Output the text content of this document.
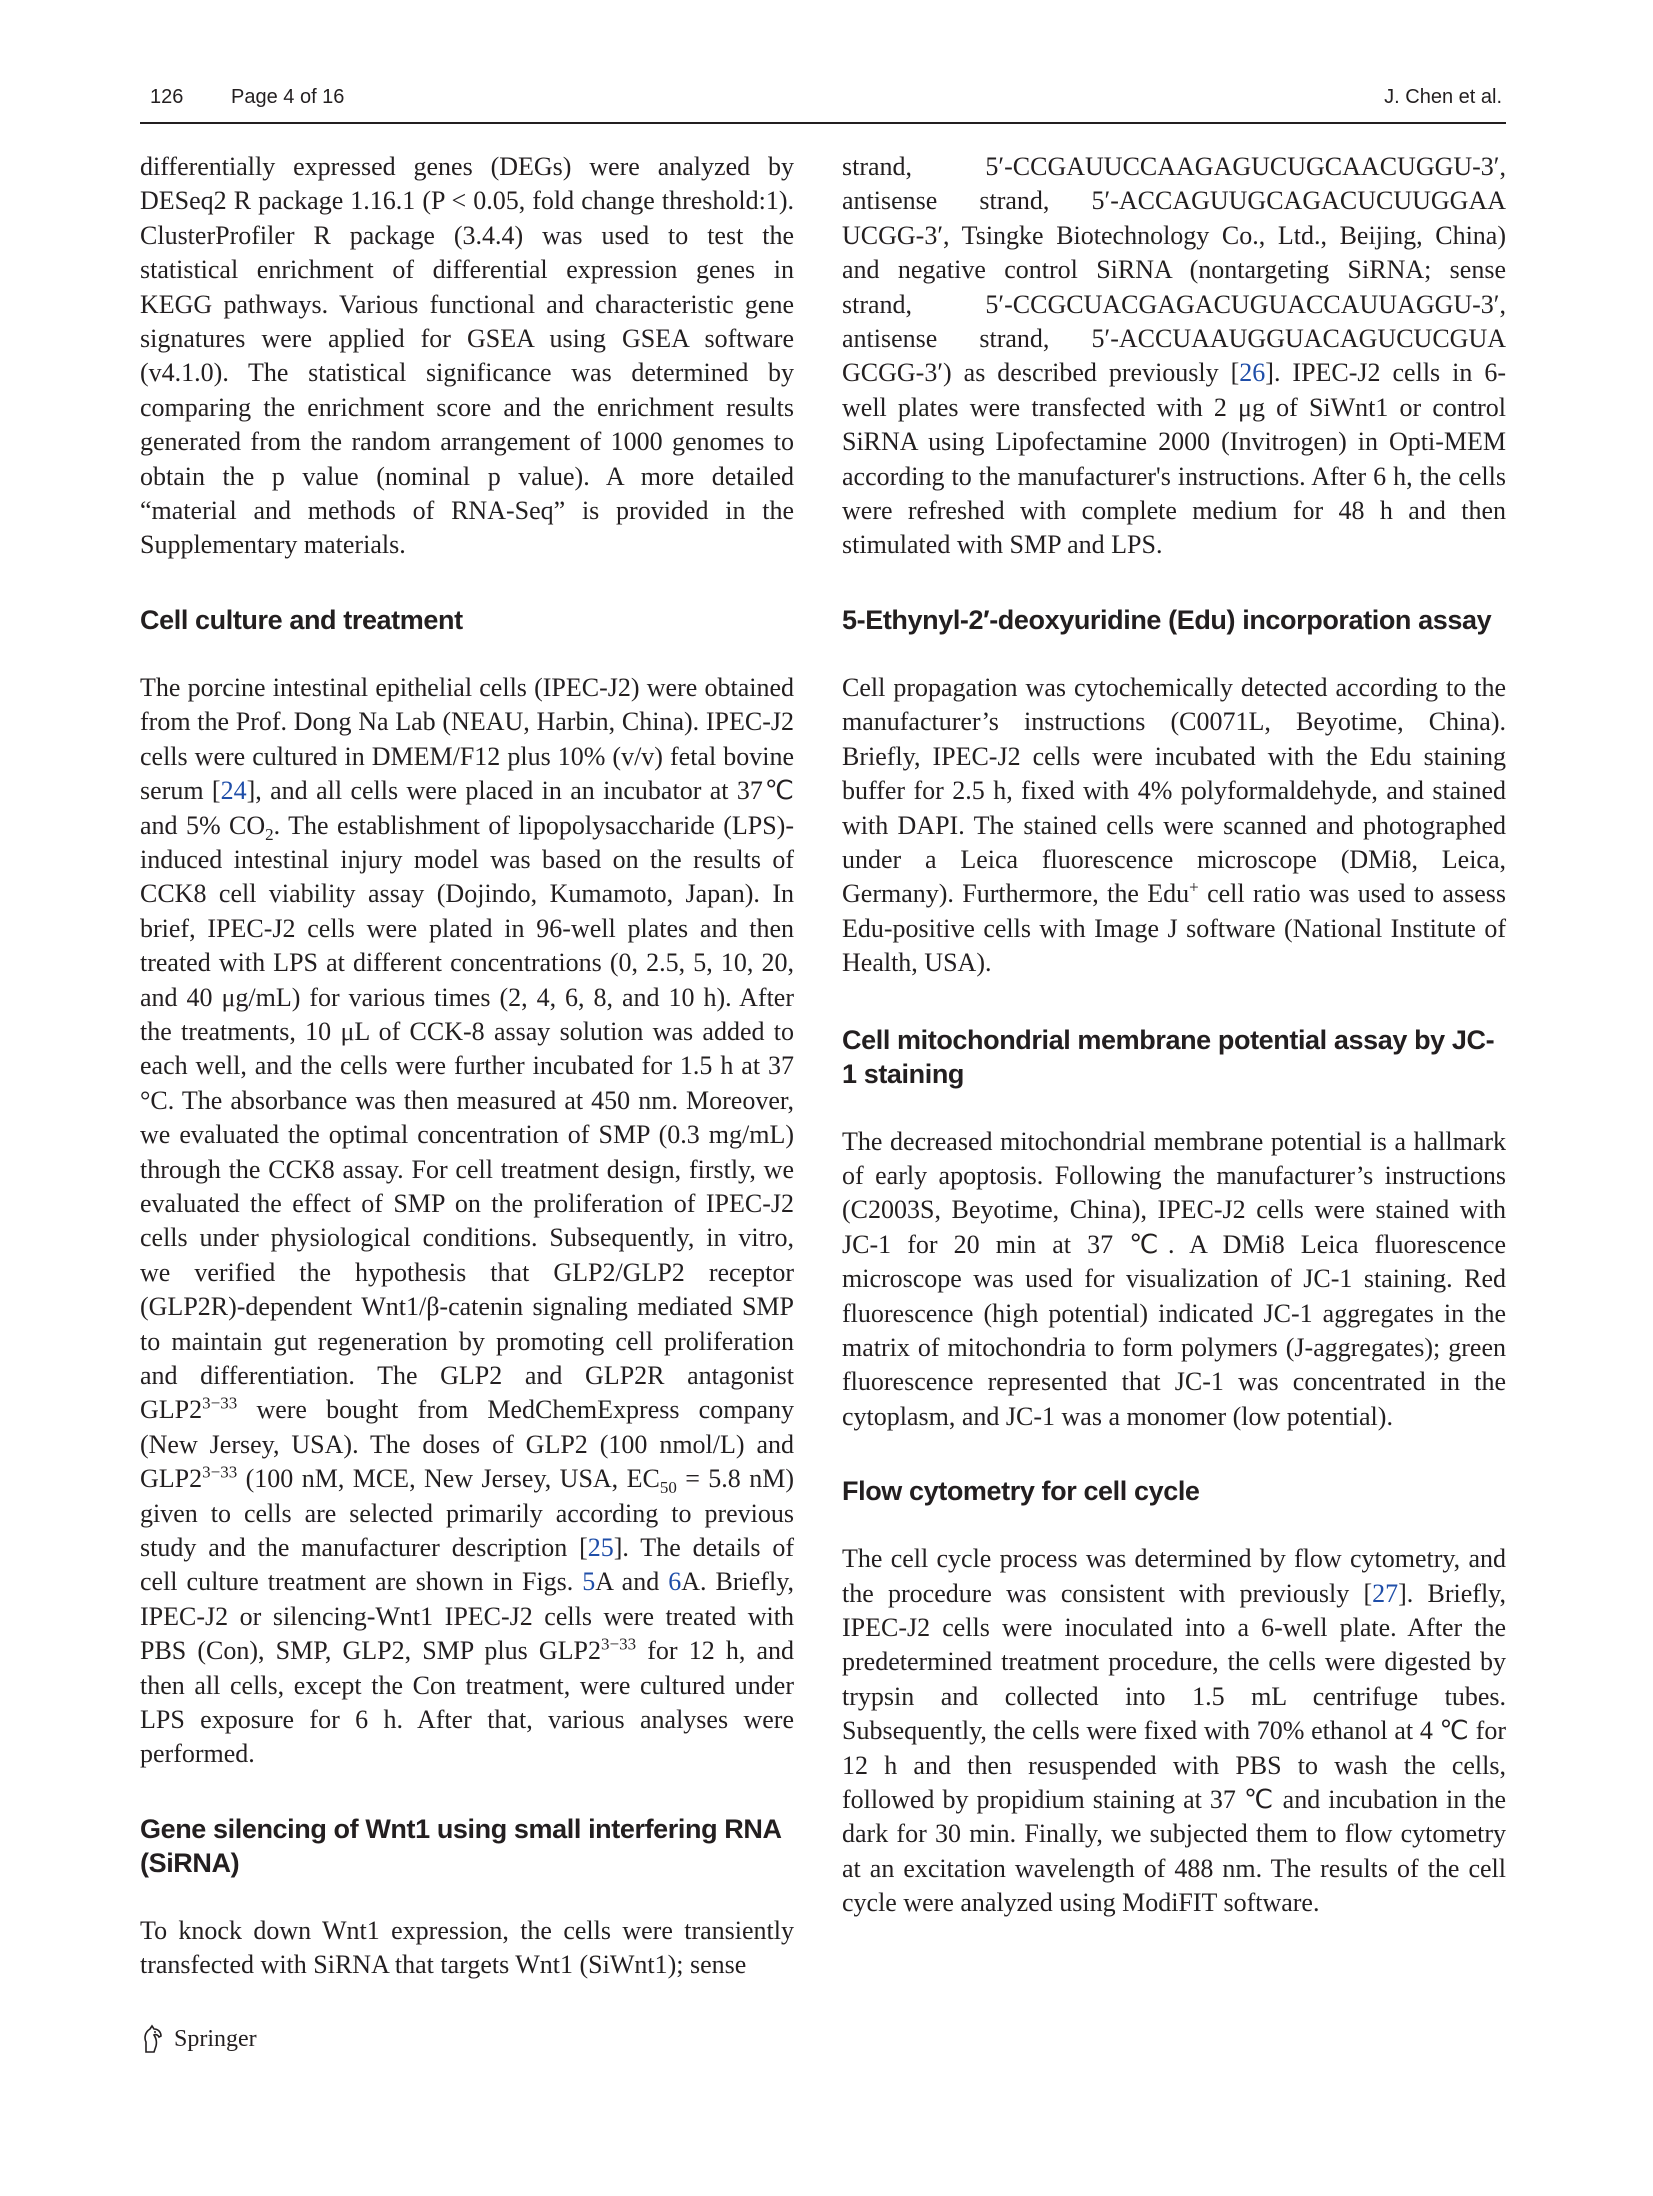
126 Page 4 of 16	J. Chen et al.

differentially expressed genes (DEGs) were analyzed by DESeq2 R package 1.16.1 (P < 0.05, fold change threshold:1). ClusterProfiler R package (3.4.4) was used to test the statistical enrichment of differential expression genes in KEGG pathways. Various functional and characteristic gene signatures were applied for GSEA using GSEA software (v4.1.0). The statistical significance was determined by comparing the enrichment score and the enrichment results generated from the random arrangement of 1000 genomes to obtain the p value (nominal p value). A more detailed “material and methods of RNA-Seq” is provided in the Supplementary materials.

Cell culture and treatment

The porcine intestinal epithelial cells (IPEC-J2) were obtained from the Prof. Dong Na Lab (NEAU, Harbin, China). IPEC-J2 cells were cultured in DMEM/F12 plus 10% (v/v) fetal bovine serum [24], and all cells were placed in an incubator at 37℃ and 5% $CO_2$. The establishment of lipopolysaccharide (LPS)-induced intestinal injury model was based on the results of CCK8 cell viability assay (Dojindo, Kumamoto, Japan). In brief, IPEC-J2 cells were plated in 96-well plates and then treated with LPS at different concentrations (0, 2.5, 5, 10, 20, and 40 μg/mL) for various times (2, 4, 6, 8, and 10 h). After the treatments, 10 μL of CCK-8 assay solution was added to each well, and the cells were further incubated for 1.5 h at 37 °C. The absorbance was then measured at 450 nm. Moreover, we evaluated the optimal concentration of SMP (0.3 mg/mL) through the CCK8 assay. For cell treatment design, firstly, we evaluated the effect of SMP on the proliferation of IPEC-J2 cells under physiological conditions. Subsequently, in vitro, we verified the hypothesis that GLP2/GLP2 receptor (GLP2R)-dependent Wnt1/β-catenin signaling mediated SMP to maintain gut regeneration by promoting cell proliferation and differentiation. The GLP2 and GLP2R antagonist $GLP2^{3-33}$ were bought from MedChemExpress company (New Jersey, USA). The doses of GLP2 (100 nmol/L) and $GLP2^{3-33}$ (100 nM, MCE, New Jersey, USA, $EC_{50} = 5.8$ nM) given to cells are selected primarily according to previous study and the manufacturer description [25]. The details of cell culture treatment are shown in Figs. 5A and 6A. Briefly, IPEC-J2 or silencing-Wnt1 IPEC-J2 cells were treated with PBS (Con), SMP, GLP2, SMP plus $GLP2^{3-33}$ for 12 h, and then all cells, except the Con treatment, were cultured under LPS exposure for 6 h. After that, various analyses were performed.

Gene silencing of Wnt1 using small interfering RNA (SiRNA)

To knock down Wnt1 expression, the cells were transiently transfected with SiRNA that targets Wnt1 (SiWnt1); sense

strand, 5′-CCGAUUCCAAGAGUCUGCAACUGGU-3′, antisense strand, 5′-ACCAGUUGCAGACUCUUGGAA UCGG-3′, Tsingke Biotechnology Co., Ltd., Beijing, China) and negative control SiRNA (nontargeting SiRNA; sense strand, 5′-CCGCUACGAGACUGUACCAUUAGGU-3′, antisense strand, 5′-ACCUAAUGGUACAGUCUCGUA GCGG-3′) as described previously [26]. IPEC-J2 cells in 6-well plates were transfected with 2 μg of SiWnt1 or control SiRNA using Lipofectamine 2000 (Invitrogen) in Opti-MEM according to the manufacturer's instructions. After 6 h, the cells were refreshed with complete medium for 48 h and then stimulated with SMP and LPS.

5-Ethynyl-2′-deoxyuridine (Edu) incorporation assay

Cell propagation was cytochemically detected according to the manufacturer’s instructions (C0071L, Beyotime, China). Briefly, IPEC-J2 cells were incubated with the Edu staining buffer for 2.5 h, fixed with 4% polyformaldehyde, and stained with DAPI. The stained cells were scanned and photographed under a Leica fluorescence microscope (DMi8, Leica, Germany). Furthermore, the Edu+ cell ratio was used to assess Edu-positive cells with Image J software (National Institute of Health, USA).

Cell mitochondrial membrane potential assay by JC-1 staining

The decreased mitochondrial membrane potential is a hallmark of early apoptosis. Following the manufacturer’s instructions (C2003S, Beyotime, China), IPEC-J2 cells were stained with JC-1 for 20 min at 37 ℃. A DMi8 Leica fluorescence microscope was used for visualization of JC-1 staining. Red fluorescence (high potential) indicated JC-1 aggregates in the matrix of mitochondria to form polymers (J-aggregates); green fluorescence represented that JC-1 was concentrated in the cytoplasm, and JC-1 was a monomer (low potential).

Flow cytometry for cell cycle

The cell cycle process was determined by flow cytometry, and the procedure was consistent with previously [27]. Briefly, IPEC-J2 cells were inoculated into a 6-well plate. After the predetermined treatment procedure, the cells were digested by trypsin and collected into 1.5 mL centrifuge tubes. Subsequently, the cells were fixed with 70% ethanol at 4 ℃ for 12 h and then resuspended with PBS to wash the cells, followed by propidium staining at 37 ℃ and incubation in the dark for 30 min. Finally, we subjected them to flow cytometry at an excitation wavelength of 488 nm. The results of the cell cycle were analyzed using ModiFIT software.

Springer
